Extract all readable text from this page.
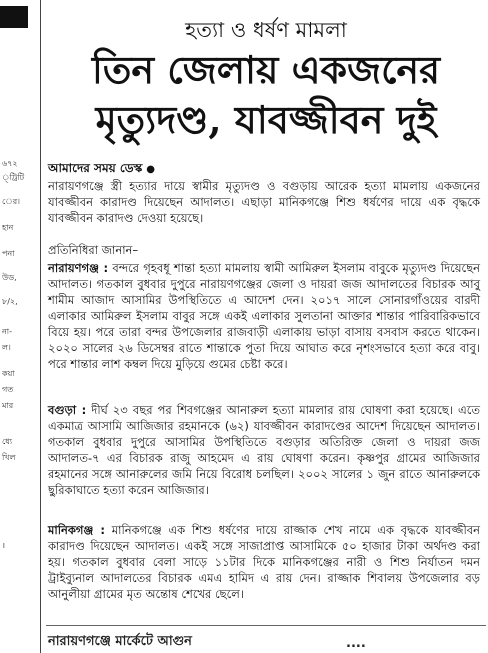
৬৭২
্ট্রিটি
ের।
হান
পনা
উড,
৮/২,
না-
ল।
কয়া
গত
মার
ধ্যে
খিল
।
হত্যা ও ধর্ষণ মামলা
তিন জেলায় একজনের
মৃত্যুদণ্ড, যাবজ্জীবন দুই
আমাদের সময় ডেস্ক ●
নারায়ণগঞ্জে স্ত্রী হত্যার দায়ে স্বামীর মৃত্যুদণ্ড ও বগুড়ায় আরেক হত্যা মামলায় একজনের যাবজ্জীবন কারাদণ্ড দিয়েছেন আদালত। এছাড়া মানিকগঞ্জে শিশু ধর্ষণের দায়ে এক বৃদ্ধকে যাবজ্জীবন কারাদণ্ড দেওয়া হয়েছে।
প্রতিনিধিরা জানান–
নারায়ণগঞ্জ : বন্দরে গৃহবধূ শান্তা হত্যা মামলায় স্বামী আমিরুল ইসলাম বাবুকে মৃত্যুদণ্ড দিয়েছেন আদালত। গতকাল বুধবার দুপুরে নারায়ণগঞ্জের জেলা ও দায়রা জজ আদালতের বিচারক আবু শামীম আজাদ আসামির উপস্থিতিতে এ আদেশ দেন। ২০১৭ সালে সোনারগাঁওয়ের বারদী এলাকার আমিরুল ইসলাম বাবুর সঙ্গে একই এলাকার সুলতানা আক্তার শান্তার পারিবারিকভাবে বিয়ে হয়। পরে তারা বন্দর উপজেলার রাজবাড়ী এলাকায় ভাড়া বাসায় বসবাস করতে থাকেন। ২০২০ সালের ২৬ ডিসেম্বর রাতে শান্তাকে পুতা দিয়ে আঘাত করে নৃশংসভাবে হত্যা করে বাবু। পরে শান্তার লাশ কম্বল দিয়ে মুড়িয়ে গুমের চেষ্টা করে।
বগুড়া : দীর্ঘ ২৩ বছর পর শিবগঞ্জের আনারুল হত্যা মামলার রায় ঘোষণা করা হয়েছে। এতে একমাত্র আসামি আজিজার রহমানকে (৬২) যাবজ্জীবন কারাদণ্ডের আদেশ দিয়েছেন আদালত। গতকাল বুধবার দুপুরে আসামির উপস্থিতিতে বগুড়ার অতিরিক্ত জেলা ও দায়রা জজ আদালত-৭ এর বিচারক রাজু আহমেদ এ রায় ঘোষণা করেন। কৃষ্ণপুর গ্রামের আজিজার রহমানের সঙ্গে আনারুলের জমি নিয়ে বিরোধ চলছিল। ২০০২ সালের ১ জুন রাতে আনারুলকে ছুরিকাঘাতে হত্যা করেন আজিজার।
মানিকগঞ্জ : মানিকগঞ্জে এক শিশু ধর্ষণের দায়ে রাজ্জাক শেখ নামে এক বৃদ্ধকে যাবজ্জীবন কারাদণ্ড দিয়েছেন আদালত। একই সঙ্গে সাজাপ্রাপ্ত আসামিকে ৫০ হাজার টাকা অর্থদণ্ড করা হয়। গতকাল বুধবার বেলা সাড়ে ১১টার দিকে মানিকগঞ্জের নারী ও শিশু নির্যাতন দমন ট্রাইব্যুনাল আদালতের বিচারক এমএ হামিদ এ রায় দেন। রাজ্জাক শিবালয় উপজেলার বড় আনুলীয়া গ্রামের মৃত অন্তোষ শেখের ছেলে।
নারায়ণগঞ্জে মার্কেটে আগুন	....
